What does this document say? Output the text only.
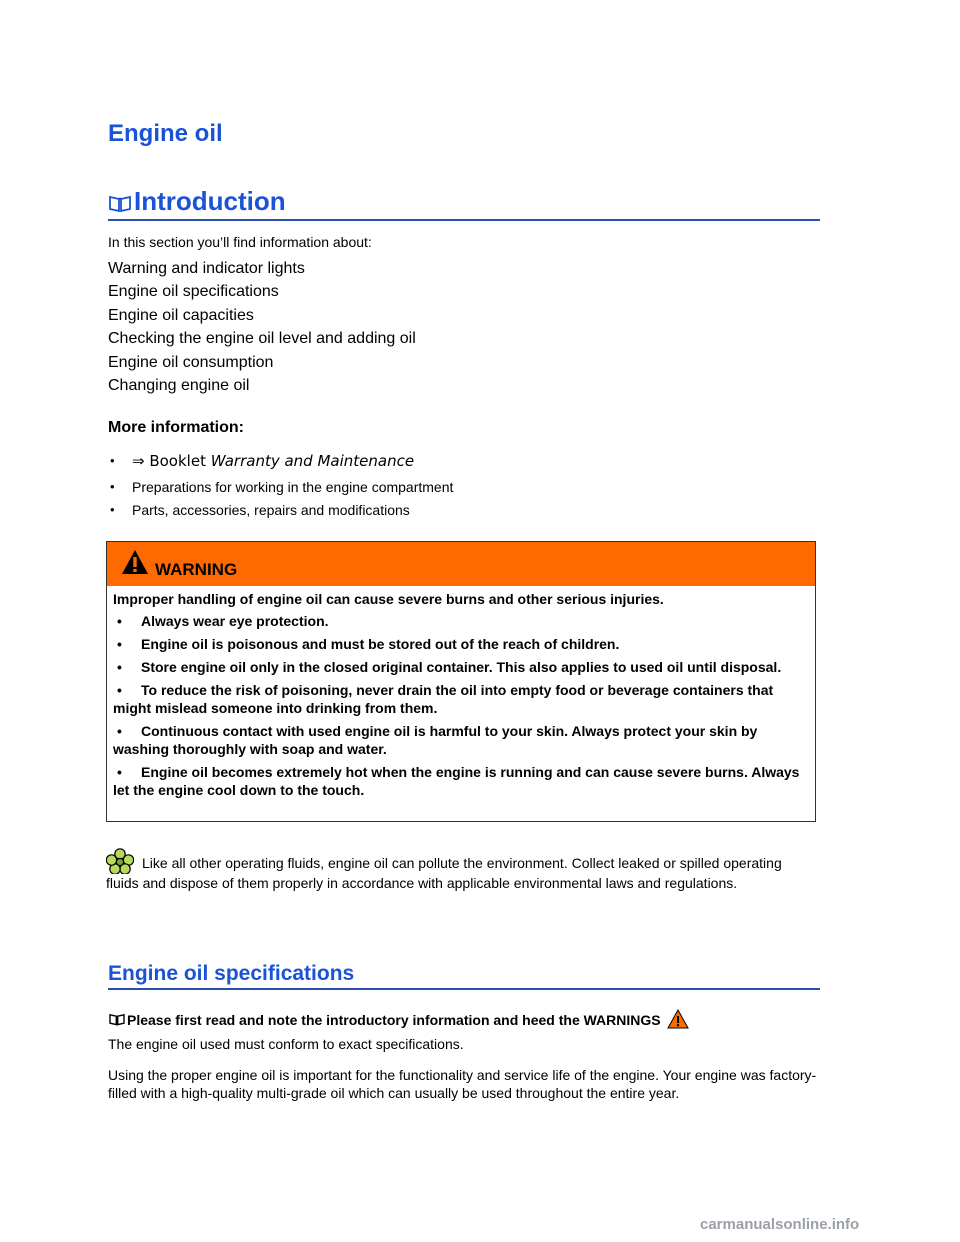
Engine oil
Introduction

In this section you’ll find information about:

Warning and indicator lights
Engine oil specifications
Engine oil capacities
Checking the engine oil level and adding oil
Engine oil consumption
Changing engine oil

More information:

• ⇒ Booklet Warranty and Maintenance
• Preparations for working in the engine compartment
• Parts, accessories, repairs and modifications
WARNING

Improper handling of engine oil can cause severe burns and other serious injuries.

• Always wear eye protection.

• Engine oil is poisonous and must be stored out of the reach of children.

• Store engine oil only in the closed original container. This also applies to used oil until disposal.

• To reduce the risk of poisoning, never drain the oil into empty food or beverage containers that might mislead someone into drinking from them.

• Continuous contact with used engine oil is harmful to your skin. Always protect your skin by washing thoroughly with soap and water.

• Engine oil becomes extremely hot when the engine is running and can cause severe burns. Always let the engine cool down to the touch.

Like all other operating fluids, engine oil can pollute the environment. Collect leaked or spilled operating fluids and dispose of them properly in accordance with applicable environmental laws and regulations.

Engine oil specifications

Please first read and note the introductory information and heed the WARNINGS

The engine oil used must conform to exact specifications.

Using the proper engine oil is important for the functionality and service life of the engine. Your engine was factory-filled with a high-quality multi-grade oil which can usually be used throughout the entire year.

carmanualsonline.info
